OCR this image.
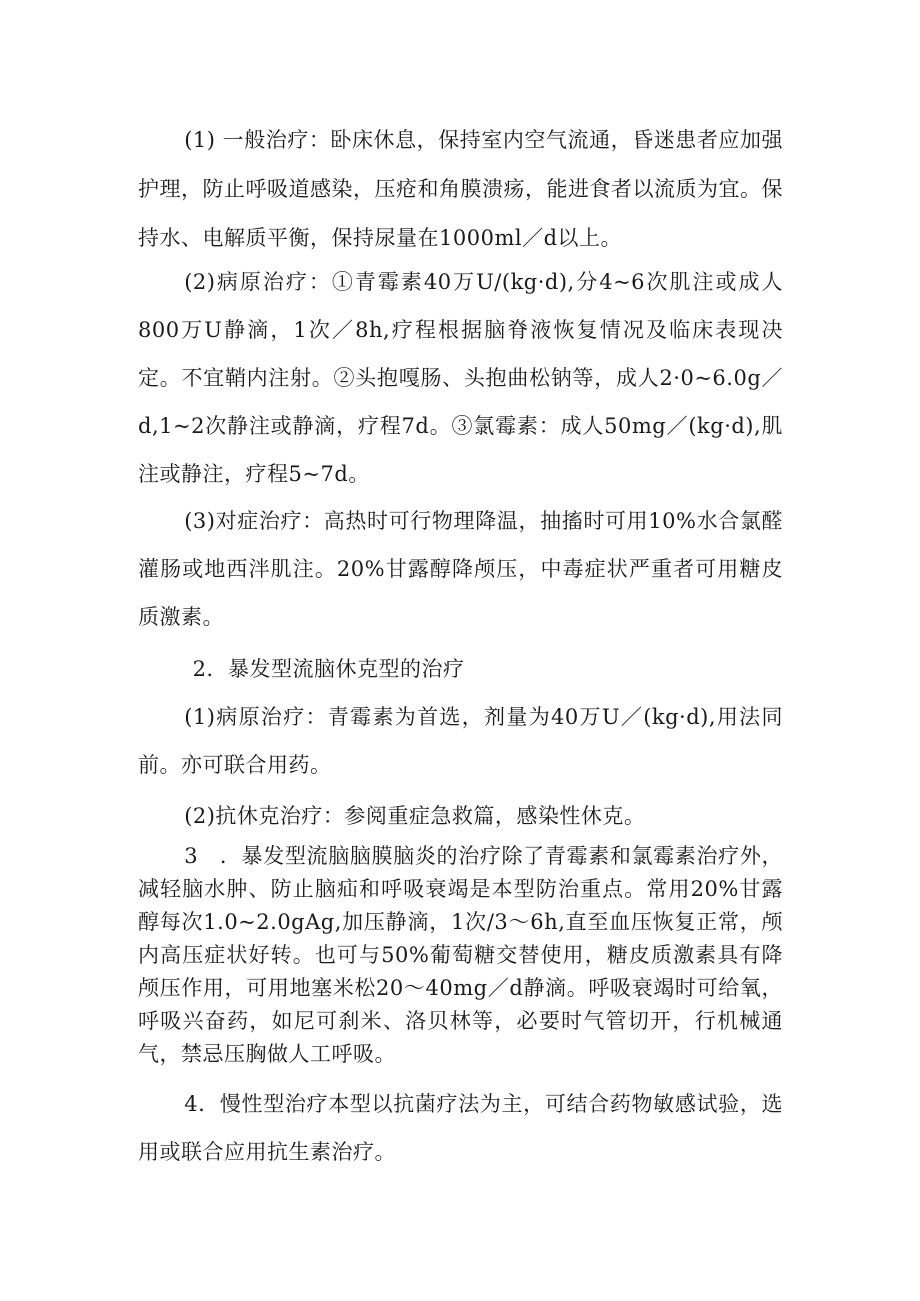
(1) 一般治疗：卧床休息，保持室内空气流通，昏迷患者应加强护理，防止呼吸道感染，压疮和角膜溃疡，能进食者以流质为宜。保持水、电解质平衡，保持尿量在1000ml／d以上。

(2)病原治疗：①青霉素40万U/(kg·d),分4~6次肌注或成人800万U静滴，1次／8h,疗程根据脑脊液恢复情况及临床表现决定。不宜鞘内注射。②头抱嘎肠、头抱曲松钠等，成人2·0~6.0g／d,1~2次静注或静滴，疗程7d。③氯霉素：成人50mg／(kg·d),肌注或静注，疗程5~7d。

(3)对症治疗：高热时可行物理降温，抽搐时可用10%水合氯醛灌肠或地西泮肌注。20%甘露醇降颅压，中毒症状严重者可用糖皮质激素。

2．暴发型流脑休克型的治疗

(1)病原治疗：青霉素为首选，剂量为40万U／(kg·d),用法同前。亦可联合用药。

(2)抗休克治疗：参阅重症急救篇，感染性休克。

3　．暴发型流脑脑膜脑炎的治疗除了青霉素和氯霉素治疗外，减轻脑水肿、防止脑疝和呼吸衰竭是本型防治重点。常用20%甘露醇每次1.0~2.0gAg,加压静滴，1次/3～6h,直至血压恢复正常，颅内高压症状好转。也可与50%葡萄糖交替使用，糖皮质激素具有降颅压作用，可用地塞米松20～40mg／d静滴。呼吸衰竭时可给氧，呼吸兴奋药，如尼可刹米、洛贝林等，必要时气管切开，行机械通气，禁忌压胸做人工呼吸。

4．慢性型治疗本型以抗菌疗法为主，可结合药物敏感试验，选用或联合应用抗生素治疗。
